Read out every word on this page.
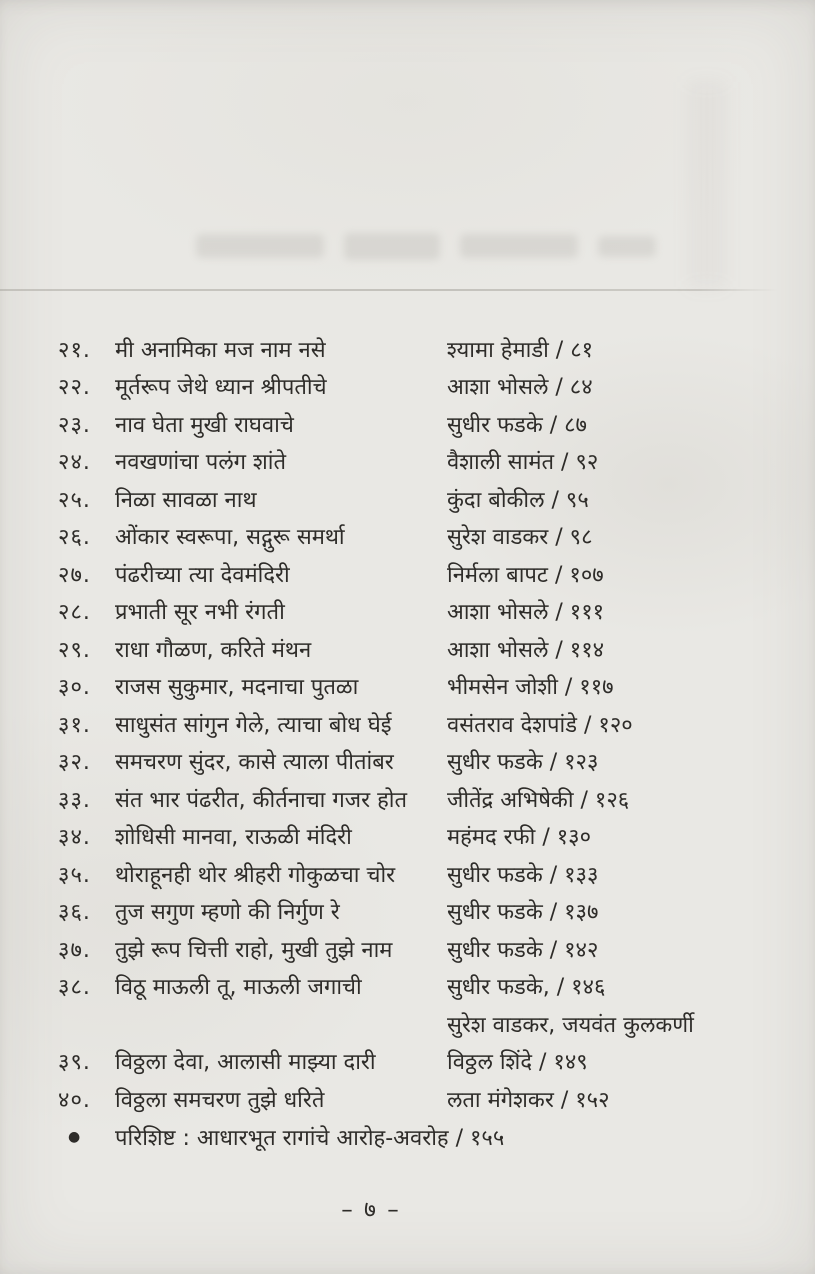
२१.	मी अनामिका मज नाम नसे	श्यामा हेमाडी / ८१
२२.	मूर्तरूप जेथे ध्यान श्रीपतीचे	आशा भोसले / ८४
२३.	नाव घेता मुखी राघवाचे	सुधीर फडके / ८७
२४.	नवखणांचा पलंग शांते	वैशाली सामंत / ९२
२५.	निळा सावळा नाथ	कुंदा बोकील / ९५
२६.	ओंकार स्वरूपा, सद्गुरू समर्था	सुरेश वाडकर / ९८
२७.	पंढरीच्या त्या देवमंदिरी	निर्मला बापट / १०७
२८.	प्रभाती सूर नभी रंगती	आशा भोसले / १११
२९.	राधा गौळण, करिते मंथन	आशा भोसले / ११४
३०.	राजस सुकुमार, मदनाचा पुतळा	भीमसेन जोशी / ११७
३१.	साधुसंत सांगुन गेले, त्याचा बोध घेई	वसंतराव देशपांडे / १२०
३२.	समचरण सुंदर, कासे त्याला पीतांबर	सुधीर फडके / १२३
३३.	संत भार पंढरीत, कीर्तनाचा गजर होत	जीतेंद्र अभिषेकी / १२६
३४.	शोधिसी मानवा, राऊळी मंदिरी	महंमद रफी / १३०
३५.	थोराहूनही थोर श्रीहरी गोकुळचा चोर	सुधीर फडके / १३३
३६.	तुज सगुण म्हणो की निर्गुण रे	सुधीर फडके / १३७
३७.	तुझे रूप चित्ती राहो, मुखी तुझे नाम	सुधीर फडके / १४२
३८.	विठू माऊली तू, माऊली जगाची	सुधीर फडके, / १४६
सुरेश वाडकर, जयवंत कुलकर्णी
३९.	विठ्ठला देवा, आलासी माझ्या दारी	विठ्ठल शिंदे / १४९
४०.	विठ्ठला समचरण तुझे धरिते	लता मंगेशकर / १५२
●	परिशिष्ट : आधारभूत रागांचे आरोह-अवरोह / १५५
– ७ –
